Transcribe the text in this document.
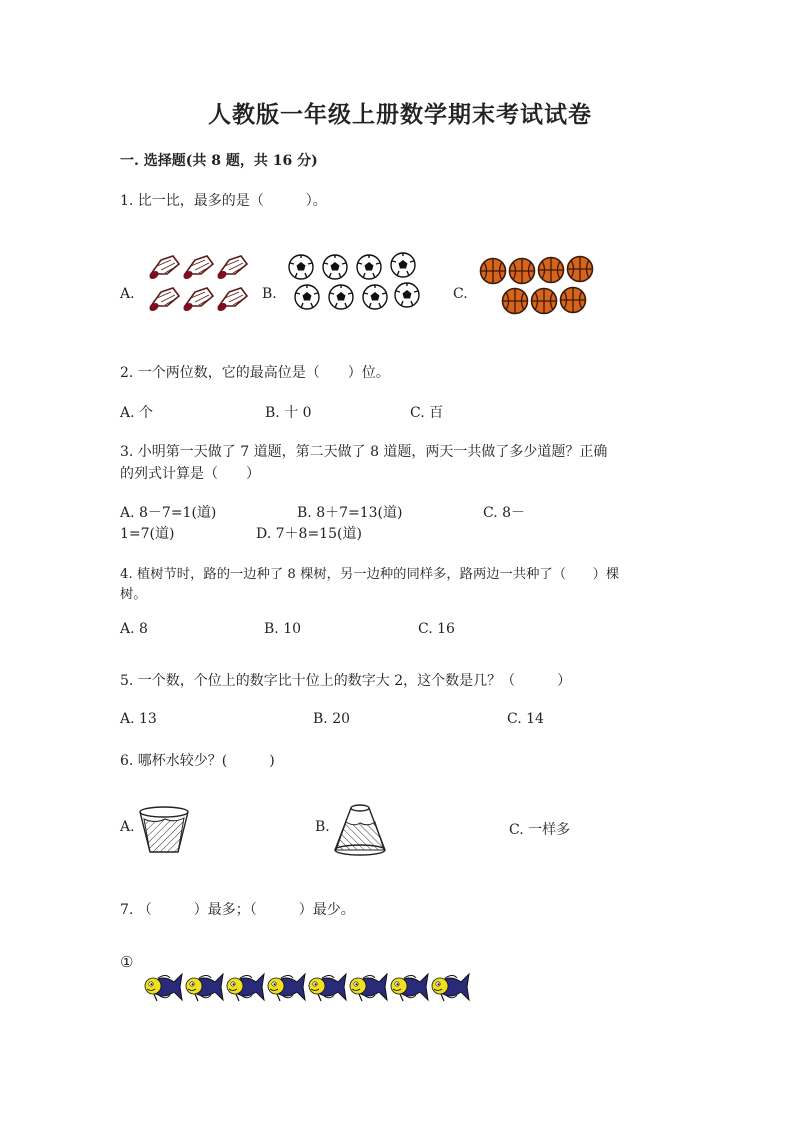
人教版一年级上册数学期末考试试卷
一. 选择题(共 8 题，共 16 分)
1. 比一比，最多的是（　　　）。
A.	B.	C.
2. 一个两位数，它的最高位是（　　）位。
A. 个	B. 十 0	C. 百
3. 小明第一天做了 7 道题，第二天做了 8 道题，两天一共做了多少道题？正确
的列式计算是（　　）
A. 8－7=1(道)	B. 8＋7=13(道)	C. 8－
1=7(道)	D. 7＋8=15(道)
4. 植树节时，路的一边种了 8 棵树，另一边种的同样多，路两边一共种了（　　）棵
树。
A. 8	B. 10	C. 16
5. 一个数，个位上的数字比十位上的数字大 2，这个数是几？（　　　）
A. 13	B. 20	C. 14
6. 哪杯水较少？(　　　)
A.	B.	C. 一样多
7. （　　　）最多；（　　　）最少。
①
